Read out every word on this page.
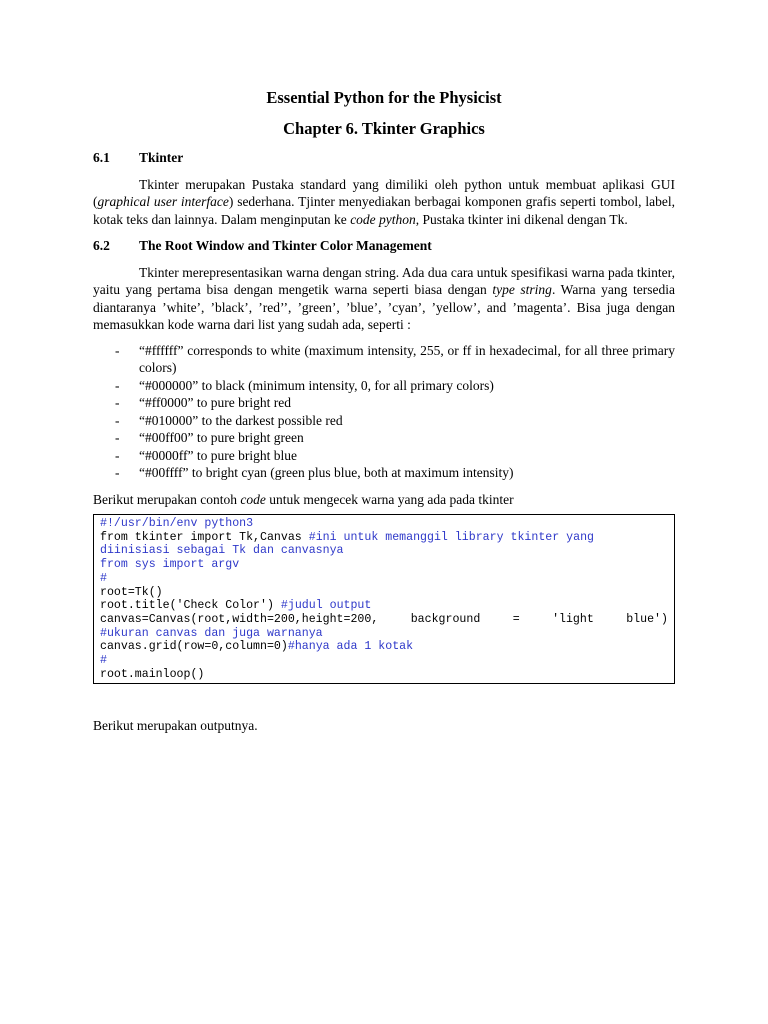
Essential Python for the Physicist
Chapter 6. Tkinter Graphics
6.1	Tkinter

Tkinter merupakan Pustaka standard yang dimiliki oleh python untuk membuat aplikasi GUI (graphical user interface) sederhana. Tjinter menyediakan berbagai komponen grafis seperti tombol, label, kotak teks dan lainnya. Dalam menginputan ke code python, Pustaka tkinter ini dikenal dengan Tk.

6.2	The Root Window and Tkinter Color Management

Tkinter merepresentasikan warna dengan string. Ada dua cara untuk spesifikasi warna pada tkinter, yaitu yang pertama bisa dengan mengetik warna seperti biasa dengan type string. Warna yang tersedia diantaranya ’white’, ’black’, ’red’’, ’green’, ’blue’, ’cyan’, ’yellow’, and ’magenta’. Bisa juga dengan memasukkan kode warna dari list yang sudah ada, seperti :

-	“#ffffff” corresponds to white (maximum intensity, 255, or ff in hexadecimal, for all three primary colors)
-	“#000000” to black (minimum intensity, 0, for all primary colors)
-	“#ff0000” to pure bright red
-	“#010000” to the darkest possible red
-	“#00ff00” to pure bright green
-	“#0000ff” to pure bright blue
-	“#00ffff” to bright cyan (green plus blue, both at maximum intensity)

Berikut merupakan contoh code untuk mengecek warna yang ada pada tkinter

#!/usr/bin/env python3
from tkinter import Tk,Canvas #ini untuk memanggil library tkinter yang
diinisiasi sebagai Tk dan canvasnya
from sys import argv
#
root=Tk()
root.title('Check Color') #judul output
canvas=Canvas(root,width=200,height=200,	background	=	'light	blue')
#ukuran canvas dan juga warnanya
canvas.grid(row=0,column=0)#hanya ada 1 kotak
#
root.mainloop()

Berikut merupakan outputnya.
